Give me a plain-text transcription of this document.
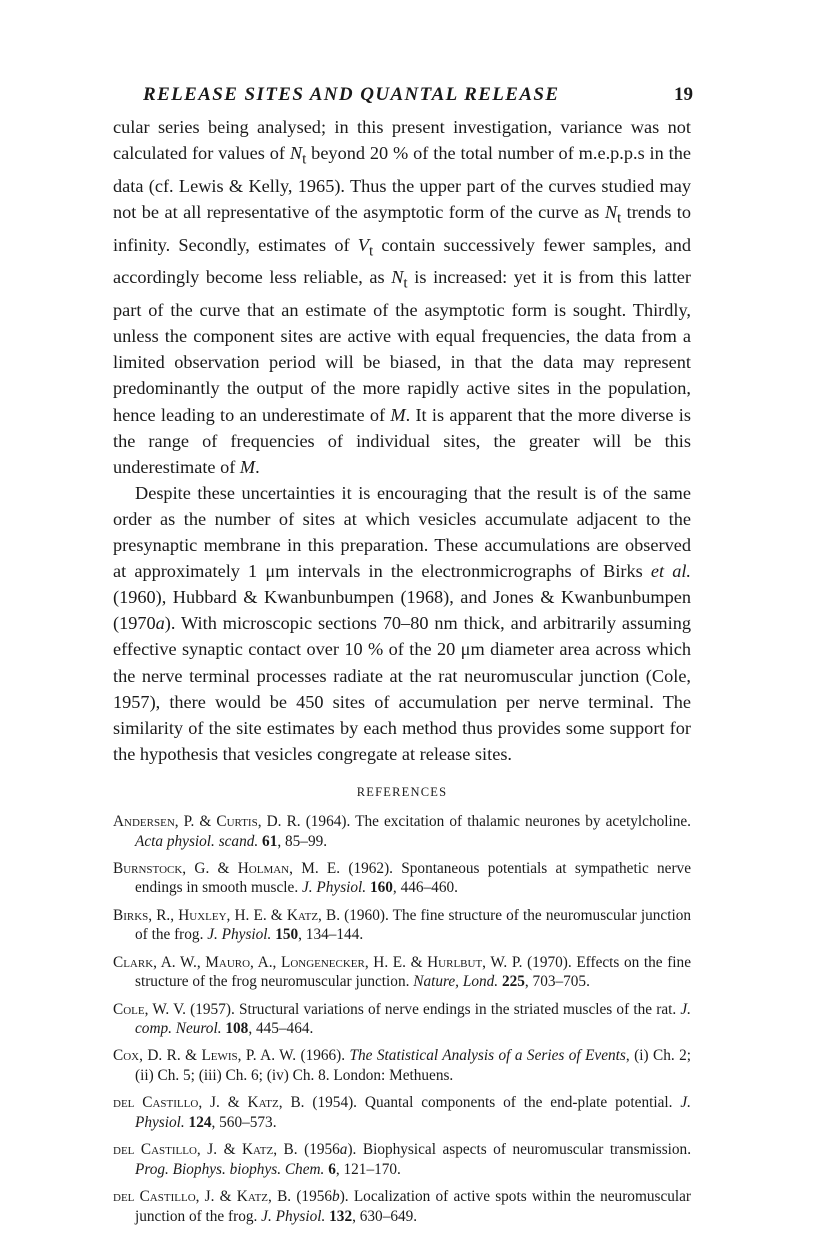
RELEASE SITES AND QUANTAL RELEASE	19

cular series being analysed; in this present investigation, variance was not calculated for values of $N_t$ beyond 20 % of the total number of m.e.p.p.s in the data (cf. Lewis & Kelly, 1965). Thus the upper part of the curves studied may not be at all representative of the asymptotic form of the curve as $N_t$ trends to infinity. Secondly, estimates of $V_t$ contain successively fewer samples, and accordingly become less reliable, as $N_t$ is increased: yet it is from this latter part of the curve that an estimate of the asymptotic form is sought. Thirdly, unless the component sites are active with equal frequencies, the data from a limited observation period will be biased, in that the data may represent predominantly the output of the more rapidly active sites in the population, hence leading to an underestimate of M. It is apparent that the more diverse is the range of frequencies of individual sites, the greater will be this underestimate of M.

Despite these uncertainties it is encouraging that the result is of the same order as the number of sites at which vesicles accumulate adjacent to the presynaptic membrane in this preparation. These accumulations are observed at approximately 1 μm intervals in the electronmicrographs of Birks et al. (1960), Hubbard & Kwanbunbumpen (1968), and Jones & Kwanbunbumpen (1970a). With microscopic sections 70–80 nm thick, and arbitrarily assuming effective synaptic contact over 10 % of the 20 μm diameter area across which the nerve terminal processes radiate at the rat neuromuscular junction (Cole, 1957), there would be 450 sites of accumulation per nerve terminal. The similarity of the site estimates by each method thus provides some support for the hypothesis that vesicles congregate at release sites.

REFERENCES

Andersen, P. & Curtis, D. R. (1964). The excitation of thalamic neurones by acetylcholine. Acta physiol. scand. 61, 85–99.

Burnstock, G. & Holman, M. E. (1962). Spontaneous potentials at sympathetic nerve endings in smooth muscle. J. Physiol. 160, 446–460.

Birks, R., Huxley, H. E. & Katz, B. (1960). The fine structure of the neuromuscular junction of the frog. J. Physiol. 150, 134–144.

Clark, A. W., Mauro, A., Longenecker, H. E. & Hurlbut, W. P. (1970). Effects on the fine structure of the frog neuromuscular junction. Nature, Lond. 225, 703–705.

Cole, W. V. (1957). Structural variations of nerve endings in the striated muscles of the rat. J. comp. Neurol. 108, 445–464.

Cox, D. R. & Lewis, P. A. W. (1966). The Statistical Analysis of a Series of Events, (i) Ch. 2; (ii) Ch. 5; (iii) Ch. 6; (iv) Ch. 8. London: Methuens.

del Castillo, J. & Katz, B. (1954). Quantal components of the end-plate potential. J. Physiol. 124, 560–573.

del Castillo, J. & Katz, B. (1956a). Biophysical aspects of neuromuscular transmission. Prog. Biophys. biophys. Chem. 6, 121–170.

del Castillo, J. & Katz, B. (1956b). Localization of active spots within the neuromuscular junction of the frog. J. Physiol. 132, 630–649.
